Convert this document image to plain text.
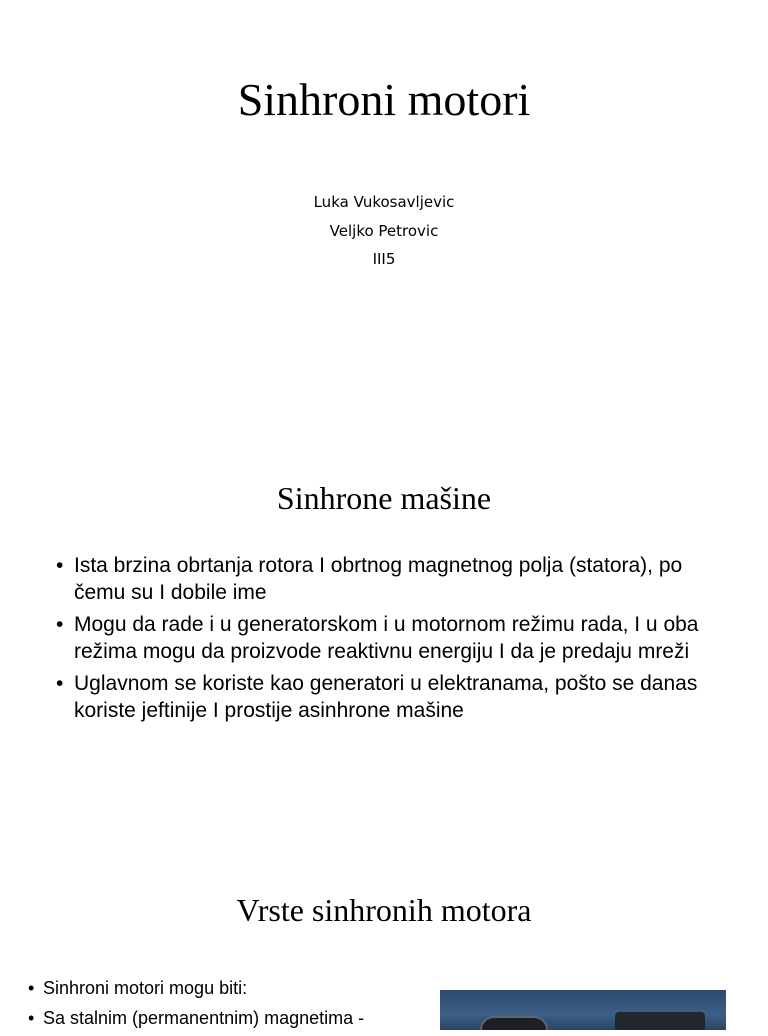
Sinhroni motori
Luka Vukosavljevic
Veljko Petrovic
III5
Sinhrone mašine
• Ista brzina obrtanja rotora I obrtnog magnetnog polja (statora), po čemu su I dobile ime
• Mogu da rade i u generatorskom i u motornom režimu rada, I u oba režima mogu da proizvode reaktivnu energiju I da je predaju mreži
• Uglavnom se koriste kao generatori u elektranama, pošto se danas koriste jeftinije I prostije asinhrone mašine
Vrste sinhronih motora
• Sinhroni motori mogu biti:
• Sa stalnim (permanentnim) magnetima -
